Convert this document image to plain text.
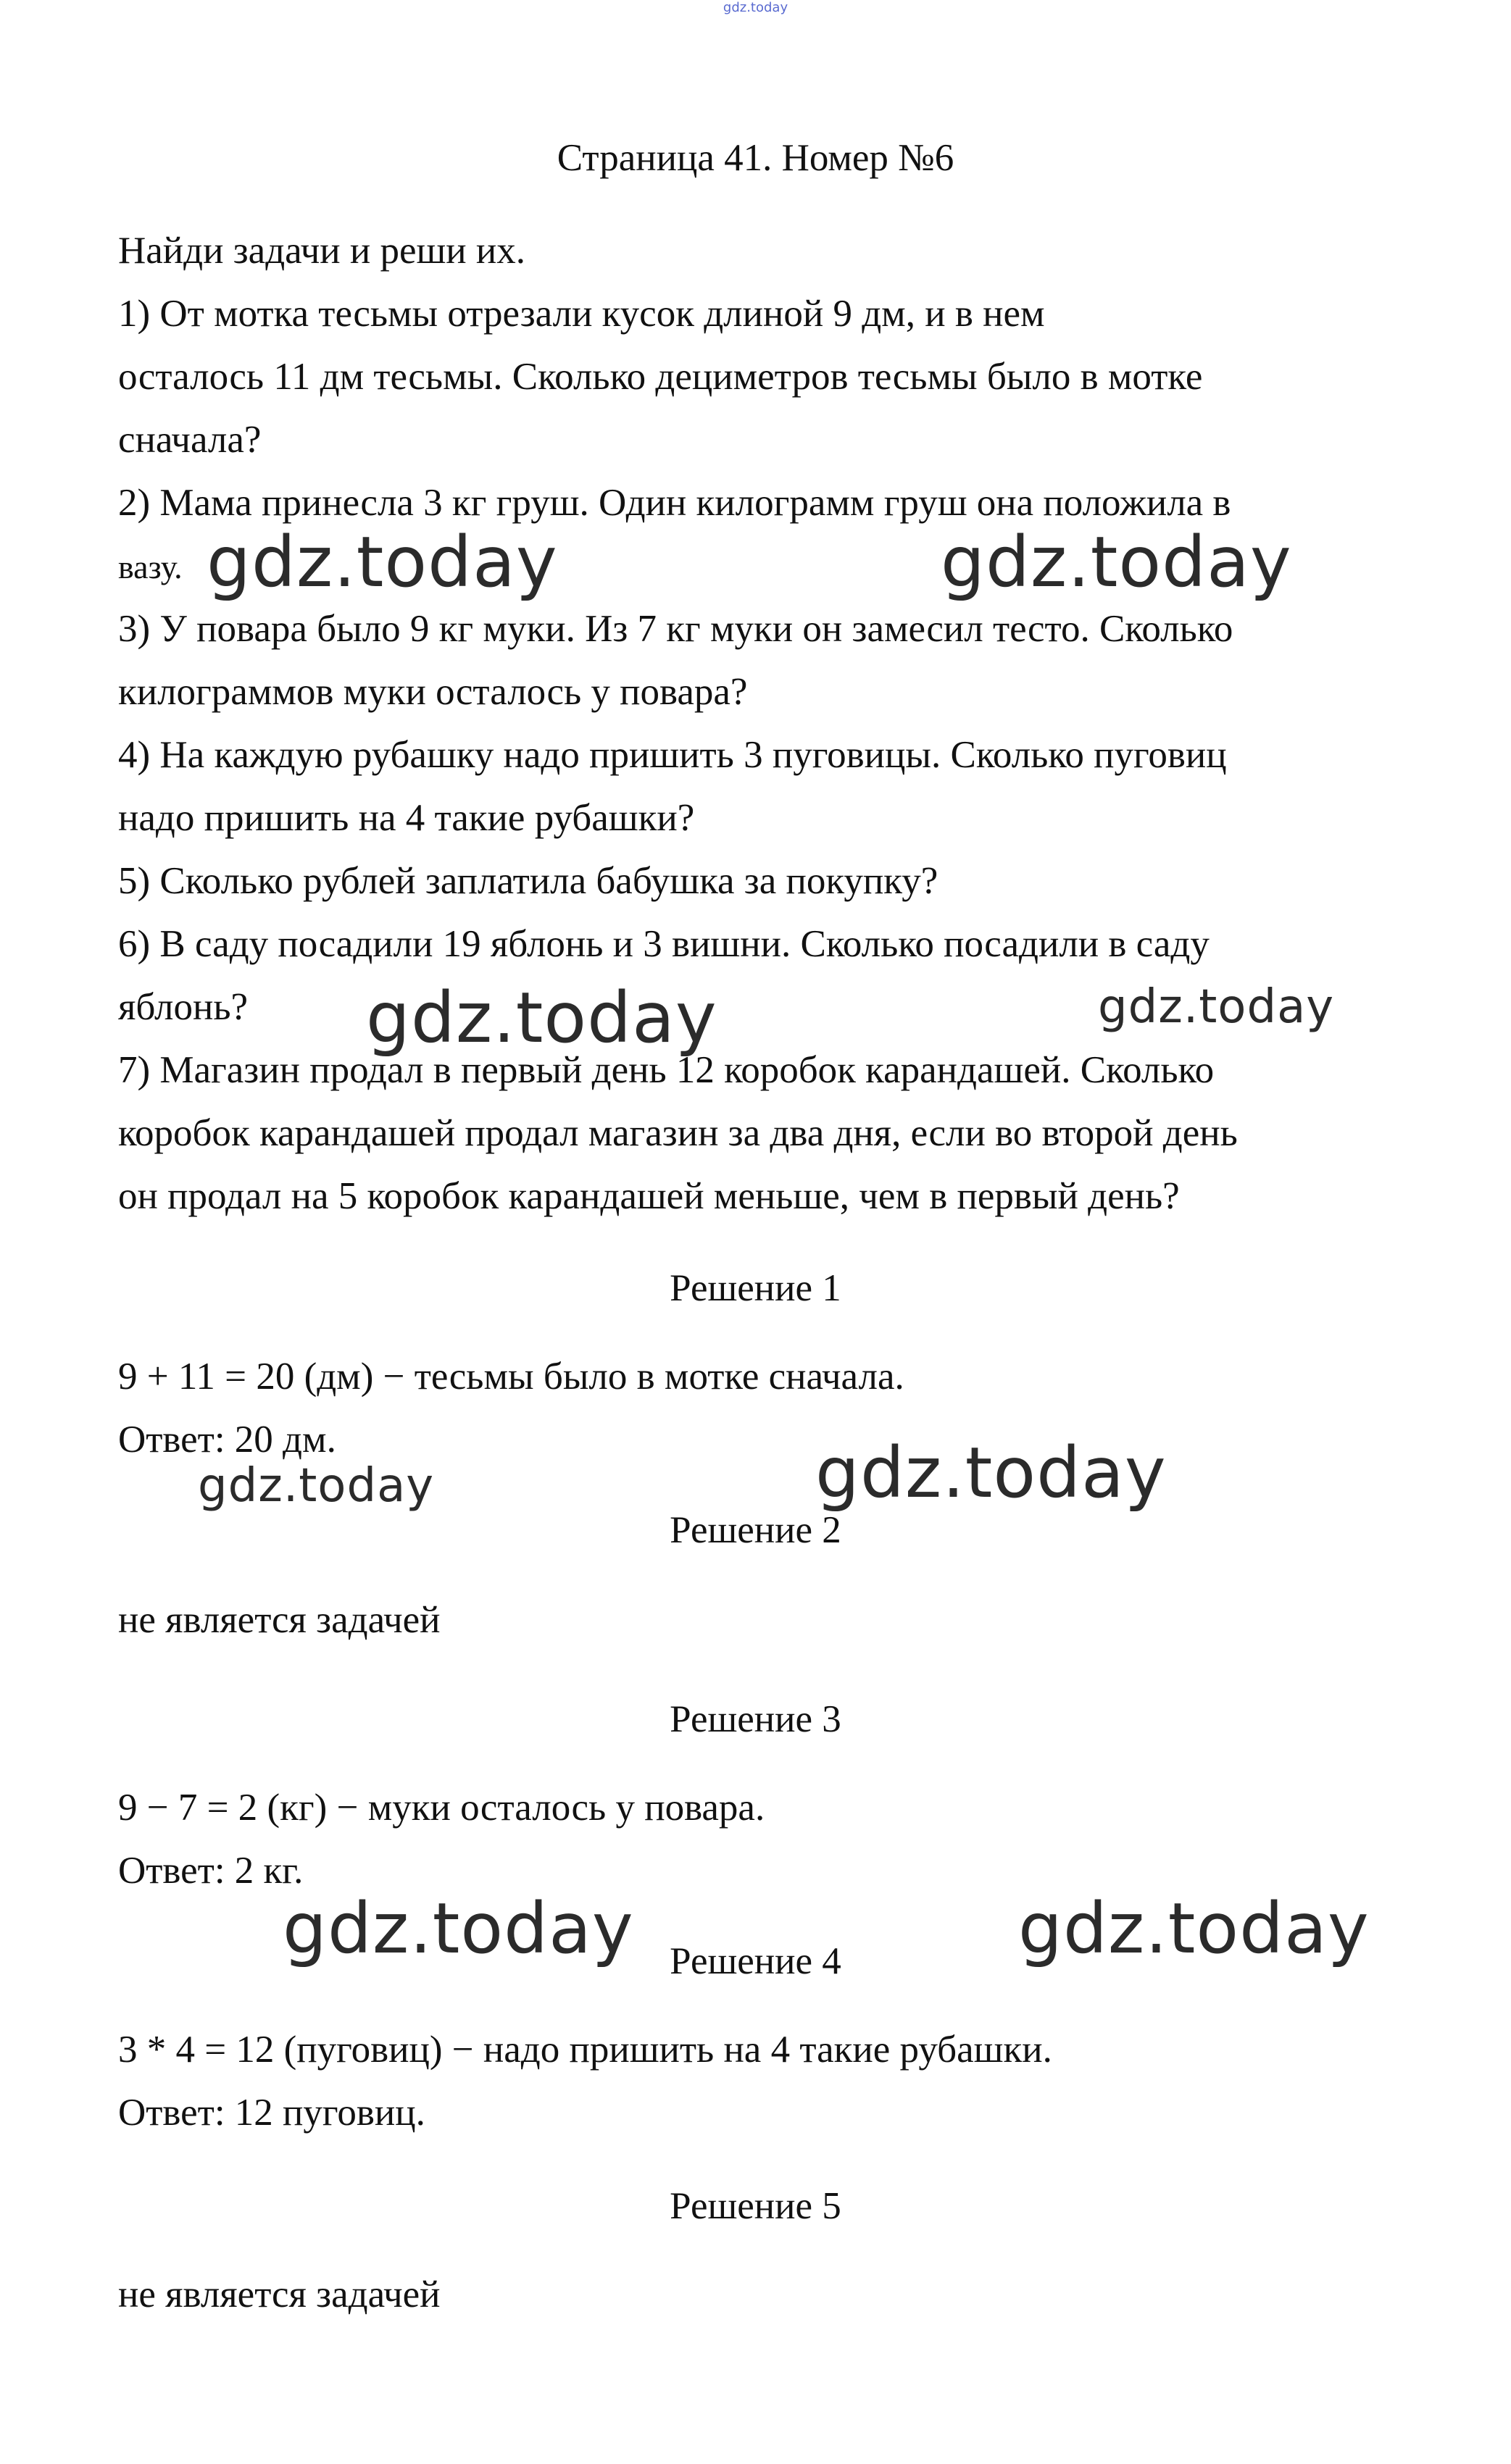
gdz.today
Страница 41. Номер №6
Найди задачи и реши их.
1) От мотка тесьмы отрезали кусок длиной 9 дм, и в нем
осталось 11 дм тесьмы. Сколько дециметров тесьмы было в мотке
сначала?
2) Мама принесла 3 кг груш. Один килограмм груш она положила в
вазу.
3) У повара было 9 кг муки. Из 7 кг муки он замесил тесто. Сколько
килограммов муки осталось у повара?
4) На каждую рубашку надо пришить 3 пуговицы. Сколько пуговиц
надо пришить на 4 такие рубашки?
5) Сколько рублей заплатила бабушка за покупку?
6) В саду посадили 19 яблонь и 3 вишни. Сколько посадили в саду
яблонь?
7) Магазин продал в первый день 12 коробок карандашей. Сколько
коробок карандашей продал магазин за два дня, если во второй день
он продал на 5 коробок карандашей меньше, чем в первый день?
Решение 1
9 + 11 = 20 (дм) − тесьмы было в мотке сначала.
Ответ: 20 дм.
Решение 2
не является задачей
Решение 3
9 − 7 = 2 (кг) − муки осталось у повара.
Ответ: 2 кг.
Решение 4
3 * 4 = 12 (пуговиц) − надо пришить на 4 такие рубашки.
Ответ: 12 пуговиц.
Решение 5
не является задачей
gdz.today	gdz.today
gdz.today	gdz.today
gdz.today	gdz.today
gdz.today	gdz.today
